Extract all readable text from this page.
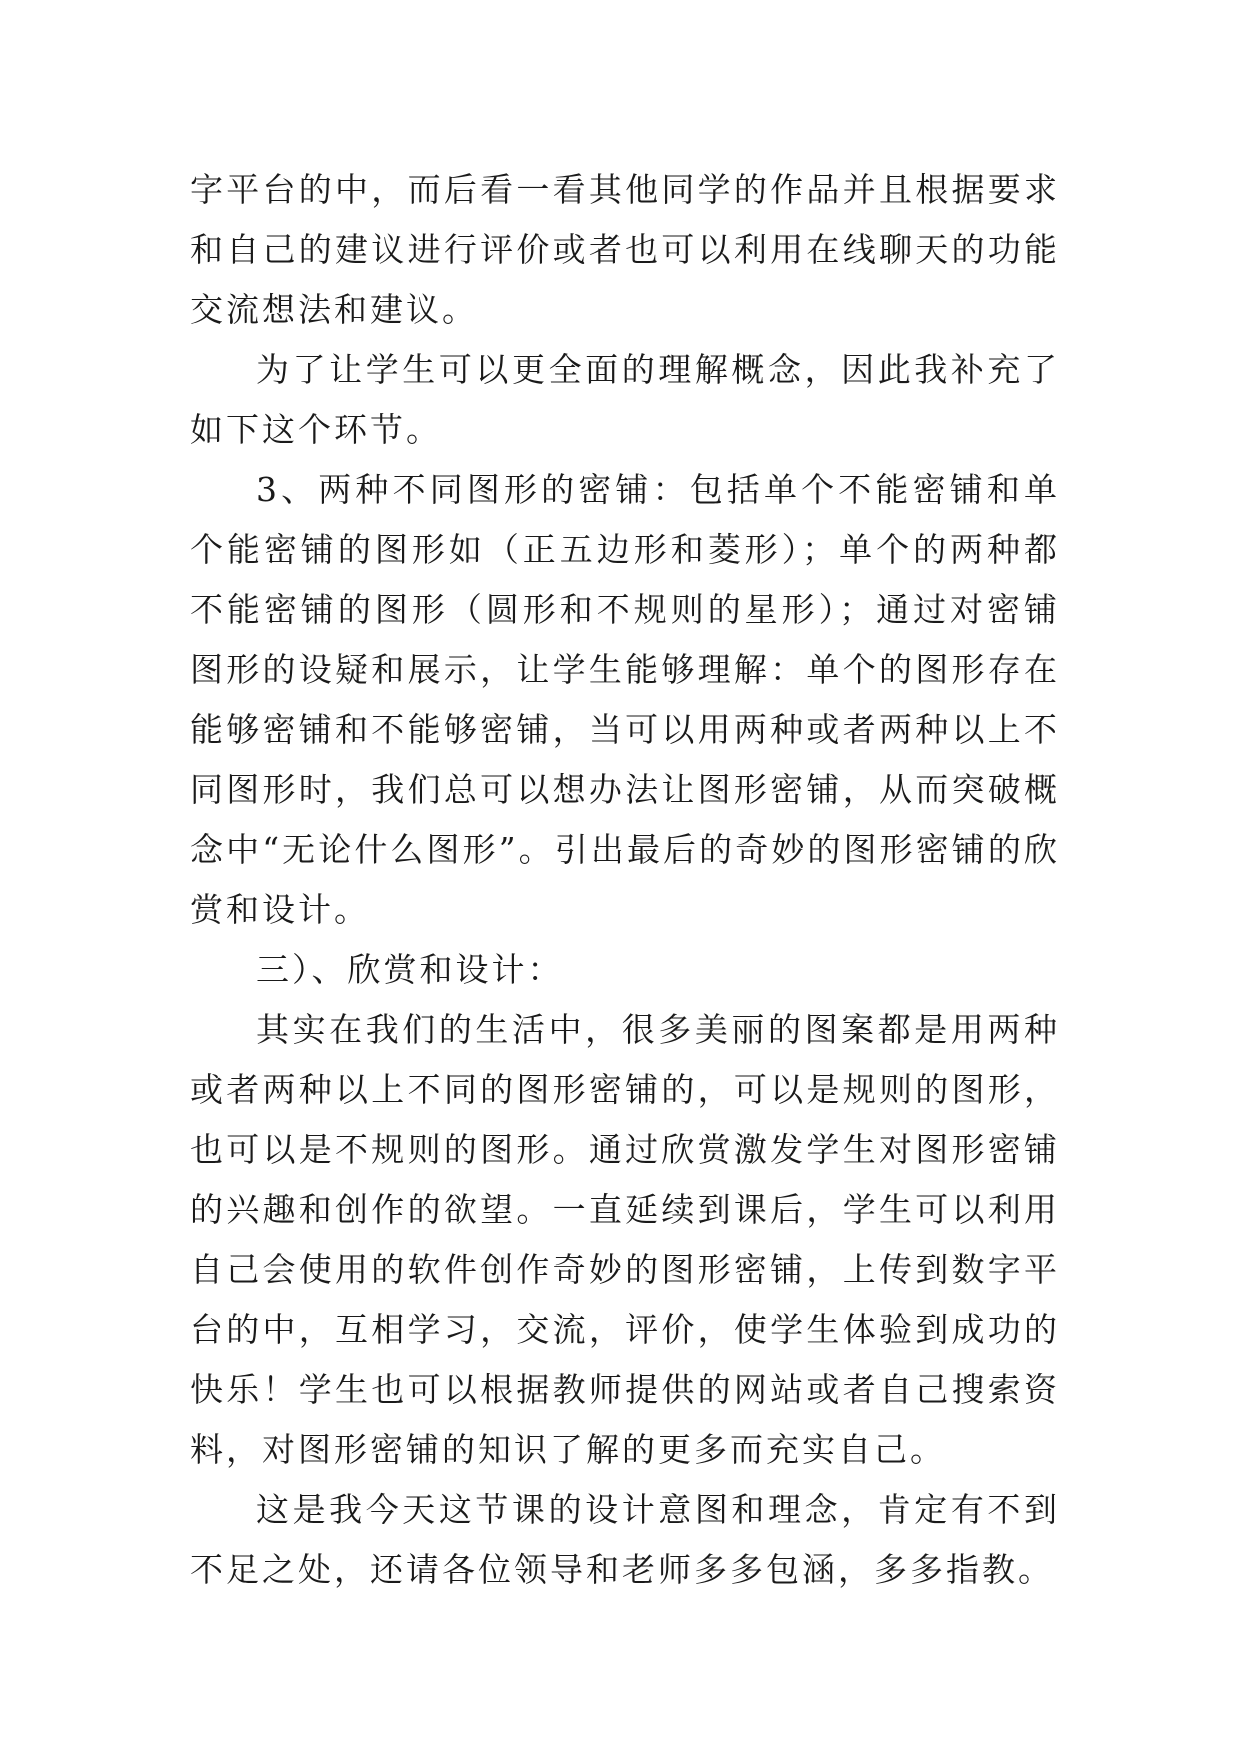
字平台的中，而后看一看其他同学的作品并且根据要求和自己的建议进行评价或者也可以利用在线聊天的功能交流想法和建议。

为了让学生可以更全面的理解概念，因此我补充了如下这个环节。

3、两种不同图形的密铺：包括单个不能密铺和单个能密铺的图形如（正五边形和菱形）；单个的两种都不能密铺的图形（圆形和不规则的星形）；通过对密铺图形的设疑和展示，让学生能够理解：单个的图形存在能够密铺和不能够密铺，当可以用两种或者两种以上不同图形时，我们总可以想办法让图形密铺，从而突破概念中“无论什么图形”。引出最后的奇妙的图形密铺的欣赏和设计。

三）、欣赏和设计：

其实在我们的生活中，很多美丽的图案都是用两种或者两种以上不同的图形密铺的，可以是规则的图形，也可以是不规则的图形。通过欣赏激发学生对图形密铺的兴趣和创作的欲望。一直延续到课后，学生可以利用自己会使用的软件创作奇妙的图形密铺，上传到数字平台的中，互相学习，交流，评价，使学生体验到成功的快乐！学生也可以根据教师提供的网站或者自己搜索资料，对图形密铺的知识了解的更多而充实自己。

这是我今天这节课的设计意图和理念，肯定有不到不足之处，还请各位领导和老师多多包涵，多多指教。
